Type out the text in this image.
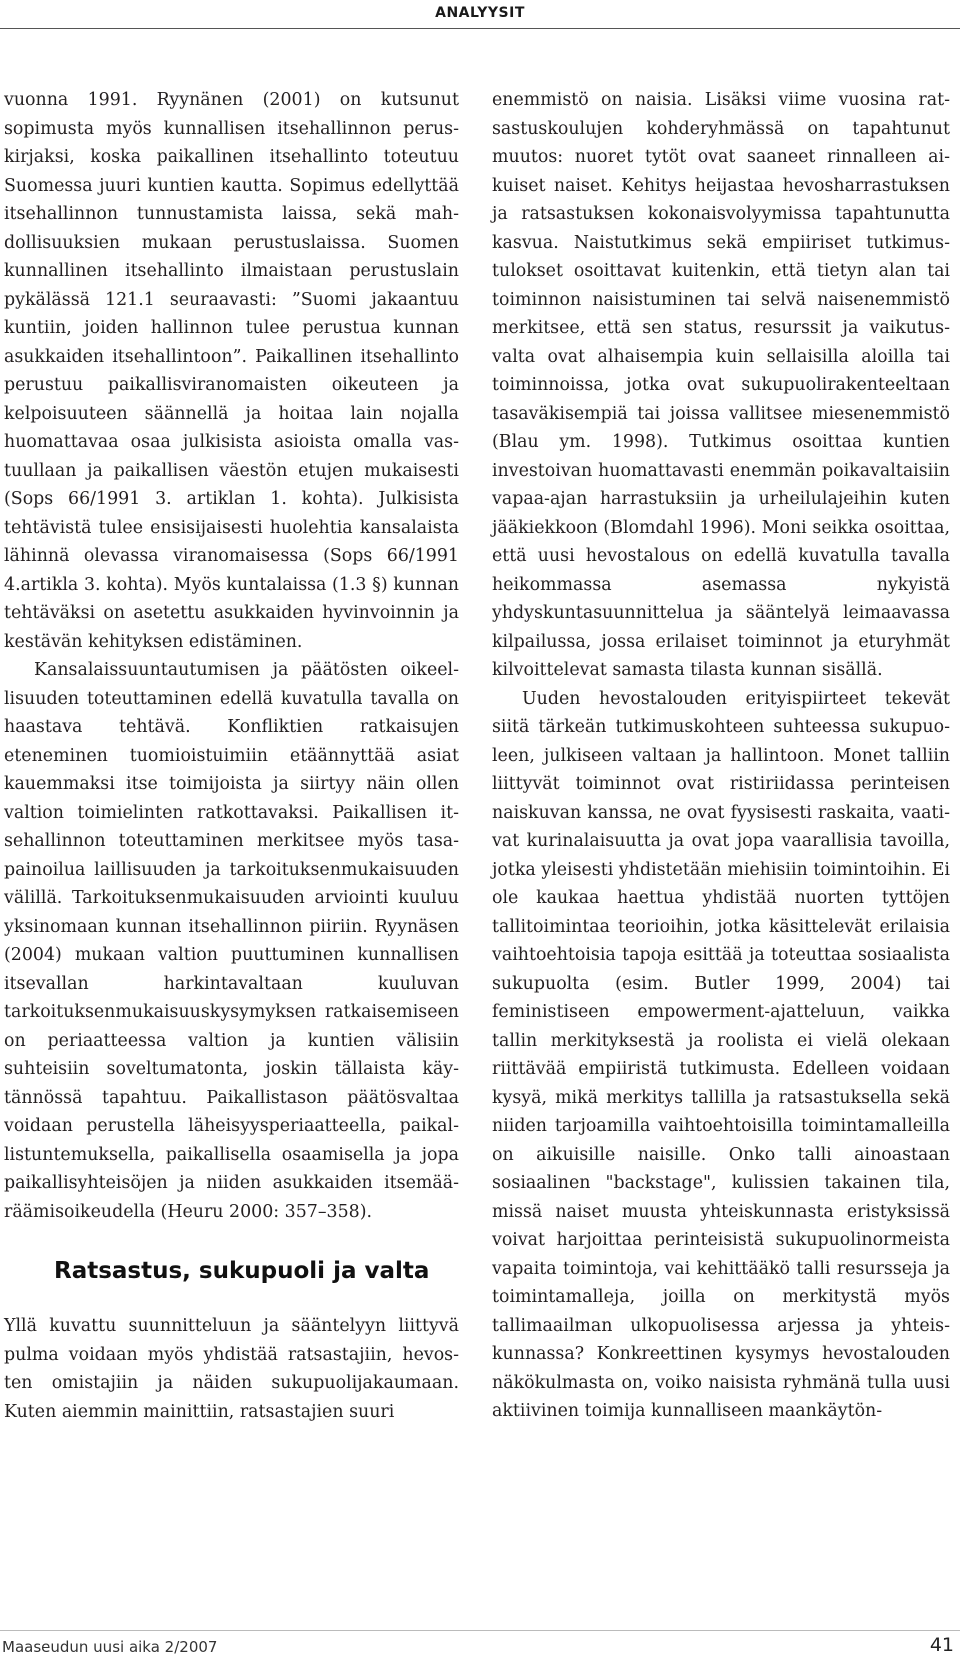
ANALYYSIT

vuonna 1991. Ryynänen (2001) on kutsunut sopimusta myös kunnallisen itsehallinnon peruskirjaksi, koska paikallinen itsehallinto toteutuu Suomessa juuri kuntien kautta. Sopimus edellyttää itsehallinnon tunnustamista laissa, sekä mahdollisuuksien mukaan perustuslaissa. Suomen kunnallinen itsehallinto ilmaistaan perustuslain pykälässä 121.1 seuraavasti: ”Suomi jakaantuu kuntiin, joiden hallinnon tulee perustua kunnan asukkaiden itsehallintoon”. Paikallinen itsehallinto perustuu paikallisviranomaisten oikeuteen ja kelpoisuuteen säännellä ja hoitaa lain nojalla huomattavaa osaa julkisista asioista omalla vastuullaan ja paikallisen väestön etujen mukaisesti (Sops 66/1991 3. artiklan 1. kohta). Julkisista tehtävistä tulee ensisijaisesti huolehtia kansalaista lähinnä olevassa viranomaisessa (Sops 66/1991 4.artikla 3. kohta). Myös kuntalaissa (1.3 §) kunnan tehtäväksi on asetettu asukkaiden hyvinvoinnin ja kestävän kehityksen edistäminen.

Kansalaissuuntautumisen ja päätösten oikeellisuuden toteuttaminen edellä kuvatulla tavalla on haastava tehtävä. Konfliktien ratkaisujen eteneminen tuomioistuimiin etäännyttää asiat kauemmaksi itse toimijoista ja siirtyy näin ollen valtion toimielinten ratkottavaksi. Paikallisen itsehallinnon toteuttaminen merkitsee myös tasapainoilua laillisuuden ja tarkoituksenmukaisuuden välillä. Tarkoituksenmukaisuuden arviointi kuuluu yksinomaan kunnan itsehallinnon piiriin. Ryynäsen (2004) mukaan valtion puuttuminen kunnallisen itsevallan harkintavaltaan kuuluvan tarkoituksenmukaisuuskysymyksen ratkaisemiseen on periaatteessa valtion ja kuntien välisiin suhteisiin soveltumatonta, joskin tällaista käytännössä tapahtuu. Paikallistason päätösvaltaa voidaan perustella läheisyysperiaatteella, paikallistuntemuksella, paikallisella osaamisella ja jopa paikallisyhteisöjen ja niiden asukkaiden itsemääräämisoikeudella (Heuru 2000: 357–358).

Ratsastus, sukupuoli ja valta

Yllä kuvattu suunnitteluun ja sääntelyyn liittyvä pulma voidaan myös yhdistää ratsastajiin, hevosten omistajiin ja näiden sukupuolijakaumaan. Kuten aiemmin mainittiin, ratsastajien suuri

enemmistö on naisia. Lisäksi viime vuosina ratsastuskoulujen kohderyhmässä on tapahtunut muutos: nuoret tytöt ovat saaneet rinnalleen aikuiset naiset. Kehitys heijastaa hevosharrastuksen ja ratsastuksen kokonaisvolyymissa tapahtunutta kasvua. Naistutkimus sekä empiiriset tutkimustulokset osoittavat kuitenkin, että tietyn alan tai toiminnon naisistuminen tai selvä naisenemmistö merkitsee, että sen status, resurssit ja vaikutusvalta ovat alhaisempia kuin sellaisilla aloilla tai toiminnoissa, jotka ovat sukupuolirakenteeltaan tasaväkisempiä tai joissa vallitsee miesenemmistö (Blau ym. 1998). Tutkimus osoittaa kuntien investoivan huomattavasti enemmän poikavaltaisiin vapaa-ajan harrastuksiin ja urheilulajeihin kuten jääkiekkoon (Blomdahl 1996). Moni seikka osoittaa, että uusi hevostalous on edellä kuvatulla tavalla heikommassa asemassa nykyistä yhdyskuntasuunnittelua ja sääntelyä leimaavassa kilpailussa, jossa erilaiset toiminnot ja eturyhmät kilvoittelevat samasta tilasta kunnan sisällä.

Uuden hevostalouden erityispiirteet tekevät siitä tärkeän tutkimuskohteen suhteessa sukupuoleen, julkiseen valtaan ja hallintoon. Monet talliin liittyvät toiminnot ovat ristiriidassa perinteisen naiskuvan kanssa, ne ovat fyysisesti raskaita, vaativat kurinalaisuutta ja ovat jopa vaarallisia tavoilla, jotka yleisesti yhdistetään miehisiin toimintoihin. Ei ole kaukaa haettua yhdistää nuorten tyttöjen tallitoimintaa teorioihin, jotka käsittelevät erilaisia vaihtoehtoisia tapoja esittää ja toteuttaa sosiaalista sukupuolta (esim. Butler 1999, 2004) tai feministiseen empowerment-ajatteluun, vaikka tallin merkityksestä ja roolista ei vielä olekaan riittävää empiiristä tutkimusta. Edelleen voidaan kysyä, mikä merkitys tallilla ja ratsastuksella sekä niiden tarjoamilla vaihtoehtoisilla toimintamalleilla on aikuisille naisille. Onko talli ainoastaan sosiaalinen "backstage", kulissien takainen tila, missä naiset muusta yhteiskunnasta eristyksissä voivat harjoittaa perinteisistä sukupuolinormeista vapaita toimintoja, vai kehittääkö talli resursseja ja toimintamalleja, joilla on merkitystä myös tallimaailman ulkopuolisessa arjessa ja yhteiskunnassa? Konkreettinen kysymys hevostalouden näkökulmasta on, voiko naisista ryhmänä tulla uusi aktiivinen toimija kunnalliseen maankäytön-

Maaseudun uusi aika 2/2007	41
